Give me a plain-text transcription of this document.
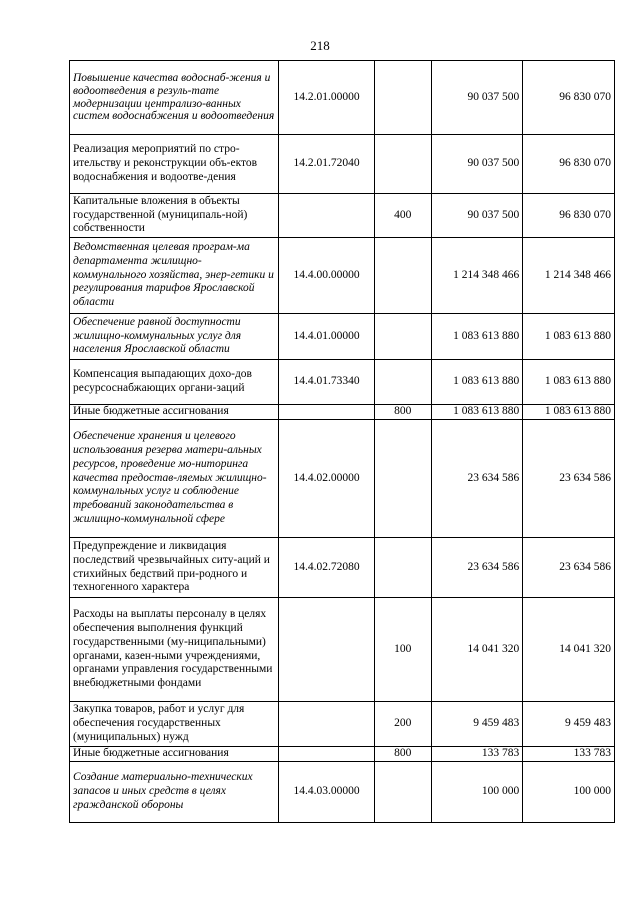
218
Повышение качества водоснаб-жения и водоотведения в резуль-тате модернизации централизо-ванных систем водоснабжения и водоотведения	14.2.01.00000		90 037 500	96 830 070
Реализация мероприятий по стро-ительству и реконструкции объ-ектов водоснабжения и водоотве-дения	14.2.01.72040		90 037 500	96 830 070
Капитальные вложения в объекты государственной (муниципаль-ной) собственности		400	90 037 500	96 830 070
Ведомственная целевая програм-ма департамента жилищно-коммунального хозяйства, энер-гетики и регулирования тарифов Ярославской области	14.4.00.00000		1 214 348 466	1 214 348 466
Обеспечение равной доступности жилищно-коммунальных услуг для населения Ярославской области	14.4.01.00000		1 083 613 880	1 083 613 880
Компенсация выпадающих дохо-дов ресурсоснабжающих органи-заций	14.4.01.73340		1 083 613 880	1 083 613 880
Иные бюджетные ассигнования		800	1 083 613 880	1 083 613 880
Обеспечение хранения и целевого использования резерва матери-альных ресурсов, проведение мо-ниторинга качества предостав-ляемых жилищно-коммунальных услуг и соблюдение требований законодательства в жилищно-коммунальной сфере	14.4.02.00000		23 634 586	23 634 586
Предупреждение и ликвидация последствий чрезвычайных ситу-аций и стихийных бедствий при-родного и техногенного характера	14.4.02.72080		23 634 586	23 634 586
Расходы на выплаты персоналу в целях обеспечения выполнения функций государственными (му-ниципальными) органами, казен-ными учреждениями, органами управления государственными внебюджетными фондами		100	14 041 320	14 041 320
Закупка товаров, работ и услуг для обеспечения государственных (муниципальных) нужд		200	9 459 483	9 459 483
Иные бюджетные ассигнования		800	133 783	133 783
Создание материально-технических запасов и иных средств в целях гражданской обороны	14.4.03.00000		100 000	100 000
